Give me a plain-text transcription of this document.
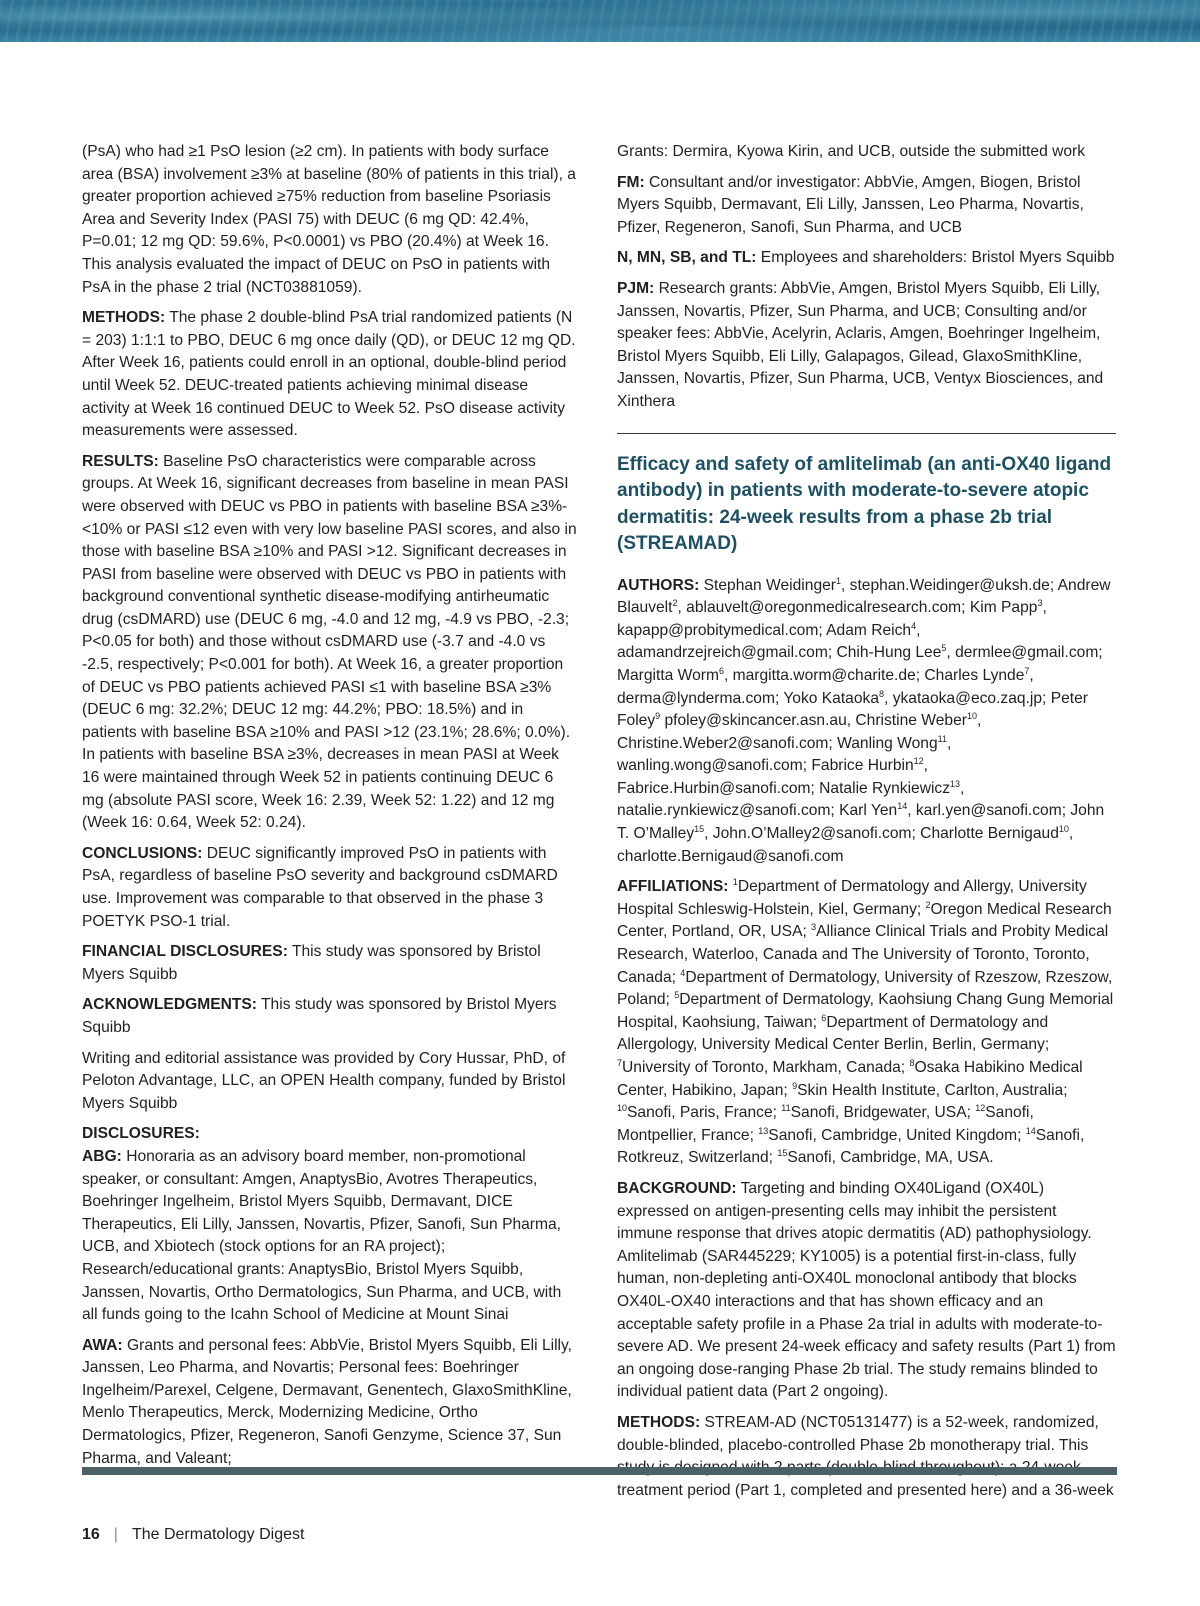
(PsA) who had ≥1 PsO lesion (≥2 cm). In patients with body surface area (BSA) involvement ≥3% at baseline (80% of patients in this trial), a greater proportion achieved ≥75% reduction from baseline Psoriasis Area and Severity Index (PASI 75) with DEUC (6 mg QD: 42.4%, P=0.01; 12 mg QD: 59.6%, P<0.0001) vs PBO (20.4%) at Week 16. This analysis evaluated the impact of DEUC on PsO in patients with PsA in the phase 2 trial (NCT03881059).

METHODS: The phase 2 double-blind PsA trial randomized patients (N = 203) 1:1:1 to PBO, DEUC 6 mg once daily (QD), or DEUC 12 mg QD. After Week 16, patients could enroll in an optional, double-blind period until Week 52. DEUC-treated patients achieving minimal disease activity at Week 16 continued DEUC to Week 52. PsO disease activity measurements were assessed.

RESULTS: Baseline PsO characteristics were comparable across groups. At Week 16, significant decreases from baseline in mean PASI were observed with DEUC vs PBO in patients with baseline BSA ≥3%-<10% or PASI ≤12 even with very low baseline PASI scores, and also in those with baseline BSA ≥10% and PASI >12. Significant decreases in PASI from baseline were observed with DEUC vs PBO in patients with background conventional synthetic disease-modifying antirheumatic drug (csDMARD) use (DEUC 6 mg, -4.0 and 12 mg, -4.9 vs PBO, -2.3; P<0.05 for both) and those without csDMARD use (-3.7 and -4.0 vs -2.5, respectively; P<0.001 for both). At Week 16, a greater proportion of DEUC vs PBO patients achieved PASI ≤1 with baseline BSA ≥3% (DEUC 6 mg: 32.2%; DEUC 12 mg: 44.2%; PBO: 18.5%) and in patients with baseline BSA ≥10% and PASI >12 (23.1%; 28.6%; 0.0%). In patients with baseline BSA ≥3%, decreases in mean PASI at Week 16 were maintained through Week 52 in patients continuing DEUC 6 mg (absolute PASI score, Week 16: 2.39, Week 52: 1.22) and 12 mg (Week 16: 0.64, Week 52: 0.24).

CONCLUSIONS: DEUC significantly improved PsO in patients with PsA, regardless of baseline PsO severity and background csDMARD use. Improvement was comparable to that observed in the phase 3 POETYK PSO-1 trial.

FINANCIAL DISCLOSURES: This study was sponsored by Bristol Myers Squibb

ACKNOWLEDGMENTS: This study was sponsored by Bristol Myers Squibb

Writing and editorial assistance was provided by Cory Hussar, PhD, of Peloton Advantage, LLC, an OPEN Health company, funded by Bristol Myers Squibb

DISCLOSURES:

ABG: Honoraria as an advisory board member, non-promotional speaker, or consultant: Amgen, AnaptysBio, Avotres Therapeutics, Boehringer Ingelheim, Bristol Myers Squibb, Dermavant, DICE Therapeutics, Eli Lilly, Janssen, Novartis, Pfizer, Sanofi, Sun Pharma, UCB, and Xbiotech (stock options for an RA project); Research/educational grants: AnaptysBio, Bristol Myers Squibb, Janssen, Novartis, Ortho Dermatologics, Sun Pharma, and UCB, with all funds going to the Icahn School of Medicine at Mount Sinai

AWA: Grants and personal fees: AbbVie, Bristol Myers Squibb, Eli Lilly, Janssen, Leo Pharma, and Novartis; Personal fees: Boehringer Ingelheim/Parexel, Celgene, Dermavant, Genentech, GlaxoSmithKline, Menlo Therapeutics, Merck, Modernizing Medicine, Ortho Dermatologics, Pfizer, Regeneron, Sanofi Genzyme, Science 37, Sun Pharma, and Valeant;

Grants: Dermira, Kyowa Kirin, and UCB, outside the submitted work

FM: Consultant and/or investigator: AbbVie, Amgen, Biogen, Bristol Myers Squibb, Dermavant, Eli Lilly, Janssen, Leo Pharma, Novartis, Pfizer, Regeneron, Sanofi, Sun Pharma, and UCB

N, MN, SB, and TL: Employees and shareholders: Bristol Myers Squibb

PJM: Research grants: AbbVie, Amgen, Bristol Myers Squibb, Eli Lilly, Janssen, Novartis, Pfizer, Sun Pharma, and UCB; Consulting and/or speaker fees: AbbVie, Acelyrin, Aclaris, Amgen, Boehringer Ingelheim, Bristol Myers Squibb, Eli Lilly, Galapagos, Gilead, GlaxoSmithKline, Janssen, Novartis, Pfizer, Sun Pharma, UCB, Ventyx Biosciences, and Xinthera

Efficacy and safety of amlitelimab (an anti-OX40 ligand antibody) in patients with moderate-to-severe atopic dermatitis: 24-week results from a phase 2b trial (STREAMAD)

AUTHORS: Stephan Weidinger$^1$, stephan.Weidinger@uksh.de; Andrew Blauvelt$^2$, ablauvelt@oregonmedicalresearch.com; Kim Papp$^3$, kapapp@probitymedical.com; Adam Reich$^4$, adamandrzejreich@gmail.com; Chih-Hung Lee$^5$, dermlee@gmail.com; Margitta Worm$^6$, margitta.worm@charite.de; Charles Lynde$^7$, derma@lynderma.com; Yoko Kataoka$^8$, ykataoka@eco.zaq.jp; Peter Foley$^9$ pfoley@skincancer.asn.au, Christine Weber$^{10}$, Christine.Weber2@sanofi.com; Wanling Wong$^{11}$, wanling.wong@sanofi.com; Fabrice Hurbin$^{12}$, Fabrice.Hurbin@sanofi.com; Natalie Rynkiewicz$^{13}$, natalie.rynkiewicz@sanofi.com; Karl Yen$^{14}$, karl.yen@sanofi.com; John T. O’Malley$^{15}$, John.O’Malley2@sanofi.com; Charlotte Bernigaud$^{10}$, charlotte.Bernigaud@sanofi.com

AFFILIATIONS: $^1$Department of Dermatology and Allergy, University Hospital Schleswig-Holstein, Kiel, Germany; $^2$Oregon Medical Research Center, Portland, OR, USA; $^3$Alliance Clinical Trials and Probity Medical Research, Waterloo, Canada and The University of Toronto, Toronto, Canada; $^4$Department of Dermatology, University of Rzeszow, Rzeszow, Poland; $^5$Department of Dermatology, Kaohsiung Chang Gung Memorial Hospital, Kaohsiung, Taiwan; $^6$Department of Dermatology and Allergology, University Medical Center Berlin, Berlin, Germany; $^7$University of Toronto, Markham, Canada; $^8$Osaka Habikino Medical Center, Habikino, Japan; $^9$Skin Health Institute, Carlton, Australia; $^{10}$Sanofi, Paris, France; $^{11}$Sanofi, Bridgewater, USA; $^{12}$Sanofi, Montpellier, France; $^{13}$Sanofi, Cambridge, United Kingdom; $^{14}$Sanofi, Rotkreuz, Switzerland; $^{15}$Sanofi, Cambridge, MA, USA.

BACKGROUND: Targeting and binding OX40Ligand (OX40L) expressed on antigen-presenting cells may inhibit the persistent immune response that drives atopic dermatitis (AD) pathophysiology. Amlitelimab (SAR445229; KY1005) is a potential first-in-class, fully human, non-depleting anti-OX40L monoclonal antibody that blocks OX40L-OX40 interactions and that has shown efficacy and an acceptable safety profile in a Phase 2a trial in adults with moderate-to-severe AD. We present 24-week efficacy and safety results (Part 1) from an ongoing dose-ranging Phase 2b trial. The study remains blinded to individual patient data (Part 2 ongoing).

METHODS: STREAM-AD (NCT05131477) is a 52-week, randomized, double-blinded, placebo-controlled Phase 2b monotherapy trial. This treatment period (Part 1, completed and presented here) and a 36-week

16 | The Dermatology Digest
